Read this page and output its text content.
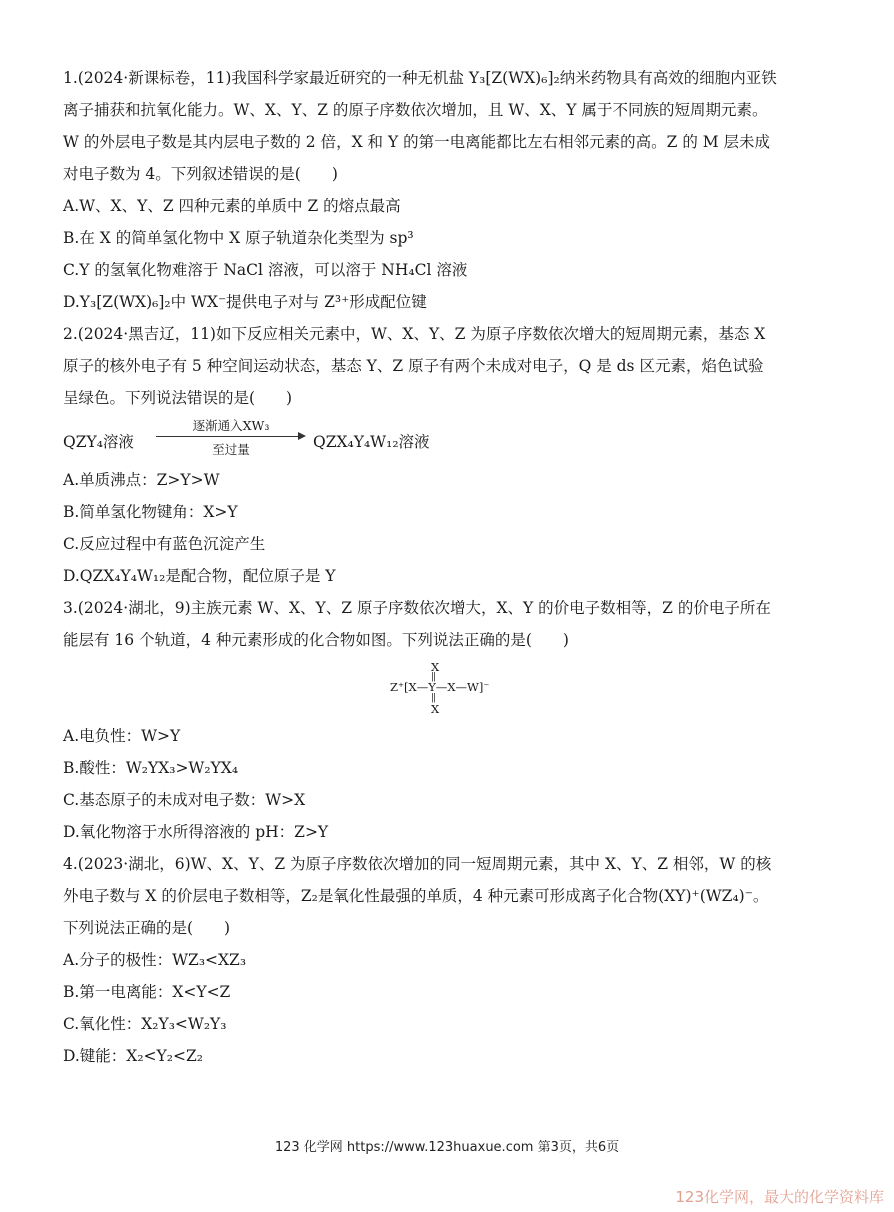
1.(2024·新课标卷，11)我国科学家最近研究的一种无机盐 Y₃[Z(WX)₆]₂纳米药物具有高效的细胞内亚铁
离子捕获和抗氧化能力。W、X、Y、Z 的原子序数依次增加，且 W、X、Y 属于不同族的短周期元素。
W 的外层电子数是其内层电子数的 2 倍，X 和 Y 的第一电离能都比左右相邻元素的高。Z 的 M 层未成
对电子数为 4。下列叙述错误的是(　　)
A.W、X、Y、Z 四种元素的单质中 Z 的熔点最高
B.在 X 的简单氢化物中 X 原子轨道杂化类型为 sp³
C.Y 的氢氧化物难溶于 NaCl 溶液，可以溶于 NH₄Cl 溶液
D.Y₃[Z(WX)₆]₂中 WX⁻提供电子对与 Z³⁺形成配位键
2.(2024·黑吉辽，11)如下反应相关元素中，W、X、Y、Z 为原子序数依次增大的短周期元素，基态 X
原子的核外电子有 5 种空间运动状态，基态 Y、Z 原子有两个未成对电子，Q 是 ds 区元素，焰色试验
呈绿色。下列说法错误的是(　　)
QZY₄溶液
逐渐通入XW₃
至过量	QZX₄Y₄W₁₂溶液
A.单质沸点：Z>Y>W
B.简单氢化物键角：X>Y
C.反应过程中有蓝色沉淀产生
D.QZX₄Y₄W₁₂是配合物，配位原子是 Y
3.(2024·湖北，9)主族元素 W、X、Y、Z 原子序数依次增大，X、Y 的价电子数相等，Z 的价电子所在
能层有 16 个轨道，4 种元素形成的化合物如图。下列说法正确的是(　　)
X
||
Z⁺[X—Y—X—W]⁻
||
X
A.电负性：W>Y
B.酸性：W₂YX₃>W₂YX₄
C.基态原子的未成对电子数：W>X
D.氧化物溶于水所得溶液的 pH：Z>Y
4.(2023·湖北，6)W、X、Y、Z 为原子序数依次增加的同一短周期元素，其中 X、Y、Z 相邻，W 的核
外电子数与 X 的价层电子数相等，Z₂是氧化性最强的单质，4 种元素可形成离子化合物(XY)⁺(WZ₄)⁻。
下列说法正确的是(　　)
A.分子的极性：WZ₃<XZ₃
B.第一电离能：X<Y<Z
C.氧化性：X₂Y₃<W₂Y₃
D.键能：X₂<Y₂<Z₂
123 化学网 https://www.123huaxue.com 第3页，共6页
123化学网，最大的化学资料库
